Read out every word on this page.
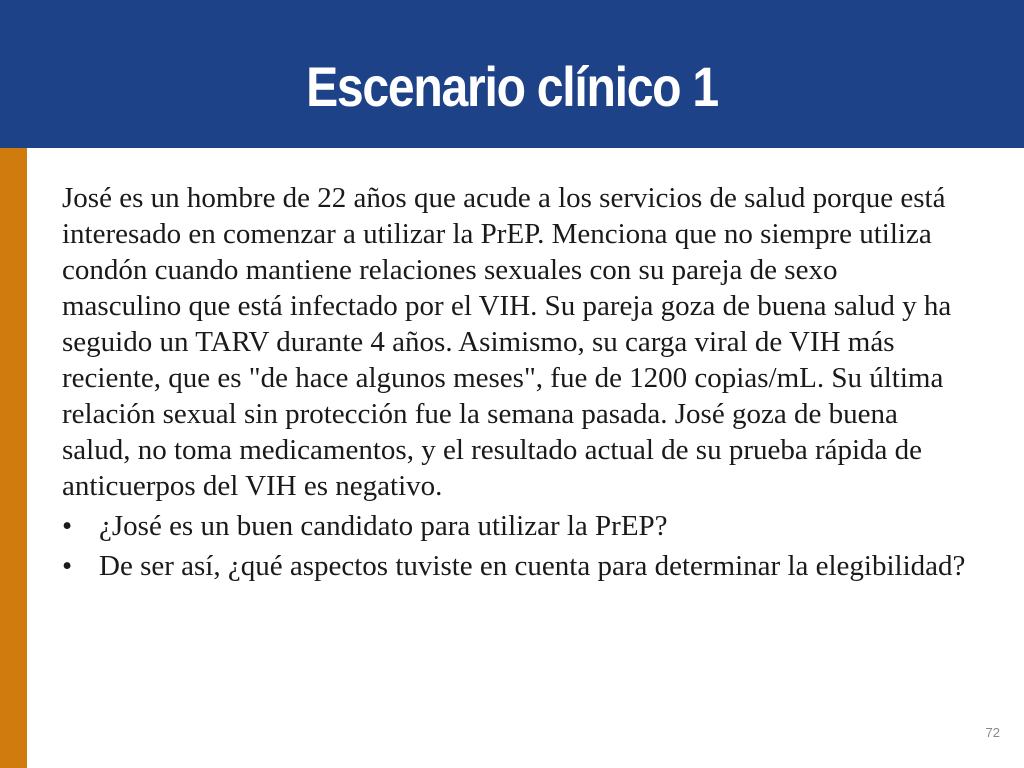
Escenario clínico 1

José es un hombre de 22 años que acude a los servicios de salud porque está interesado en comenzar a utilizar la PrEP. Menciona que no siempre utiliza condón cuando mantiene relaciones sexuales con su pareja de sexo masculino que está infectado por el VIH. Su pareja goza de buena salud y ha seguido un TARV durante 4 años. Asimismo, su carga viral de VIH más reciente, que es "de hace algunos meses", fue de 1200 copias/mL. Su última relación sexual sin protección fue la semana pasada. José goza de buena salud, no toma medicamentos, y el resultado actual de su prueba rápida de anticuerpos del VIH es negativo.

• ¿José es un buen candidato para utilizar la PrEP?
• De ser así, ¿qué aspectos tuviste en cuenta para determinar la elegibilidad?
72
